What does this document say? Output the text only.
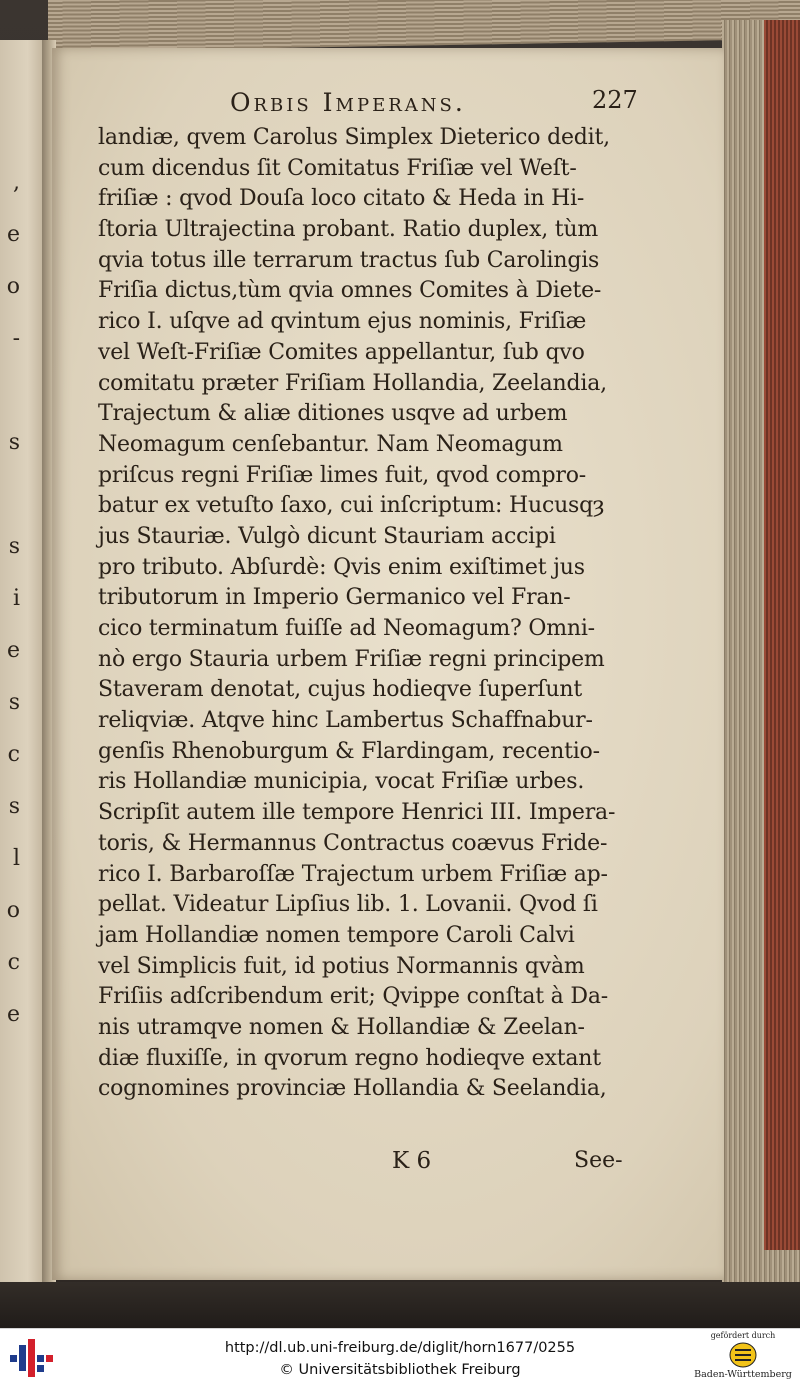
,
e
o
-
s
s
i
e
s
c
s
l
o
c
e
Orbis Imperans.	227
landiæ, qvem Carolus Simplex Dieterico dedit,
cum dicendus ſit Comitatus Friſiæ vel Weſt-
friſiæ : qvod Douſa loco citato & Heda in Hi-
ſtoria Ultrajectina probant. Ratio duplex, tùm
qvia totus ille terrarum tractus ſub Carolingis
Friſia dictus,tùm qvia omnes Comites à Diete-
rico I. uſqve ad qvintum ejus nominis, Friſiæ
vel Weſt-Friſiæ Comites appellantur, ſub qvo
comitatu præter Friſiam Hollandia, Zeelandia,
Trajectum & aliæ ditiones usqve ad urbem
Neomagum cenſebantur. Nam Neomagum
priſcus regni Friſiæ limes fuit, qvod compro-
batur ex vetuſto ſaxo, cui inſcriptum: Hucusqȝ
jus Stauriæ. Vulgò dicunt Stauriam accipi
pro tributo. Abſurdè: Qvis enim exiſtimet jus
tributorum in Imperio Germanico vel Fran-
cico terminatum fuiſſe ad Neomagum? Omni-
nò ergo Stauria urbem Friſiæ regni principem
Staveram denotat, cujus hodieqve ſuperſunt
reliqviæ. Atqve hinc Lambertus Schaffnabur-
genſis Rhenoburgum & Flardingam, recentio-
ris Hollandiæ municipia, vocat Friſiæ urbes.
Scripſit autem ille tempore Henrici III. Impera-
toris, & Hermannus Contractus coævus Fride-
rico I. Barbaroſſæ Trajectum urbem Friſiæ ap-
pellat. Videatur Lipſius lib. 1. Lovanii. Qvod ſi
jam Hollandiæ nomen tempore Caroli Calvi
vel Simplicis fuit, id potius Normannis qvàm
Friſiis adſcribendum erit; Qvippe conſtat à Da-
nis utramqve nomen & Hollandiæ & Zeelan-
diæ fluxiſſe, in qvorum regno hodieqve extant
cognomines provinciæ Hollandia & Seelandia,
K 6	See-
http://dl.ub.uni-freiburg.de/diglit/horn1677/0255
© Universitätsbibliothek Freiburg
gefördert durch
Baden-Württemberg
